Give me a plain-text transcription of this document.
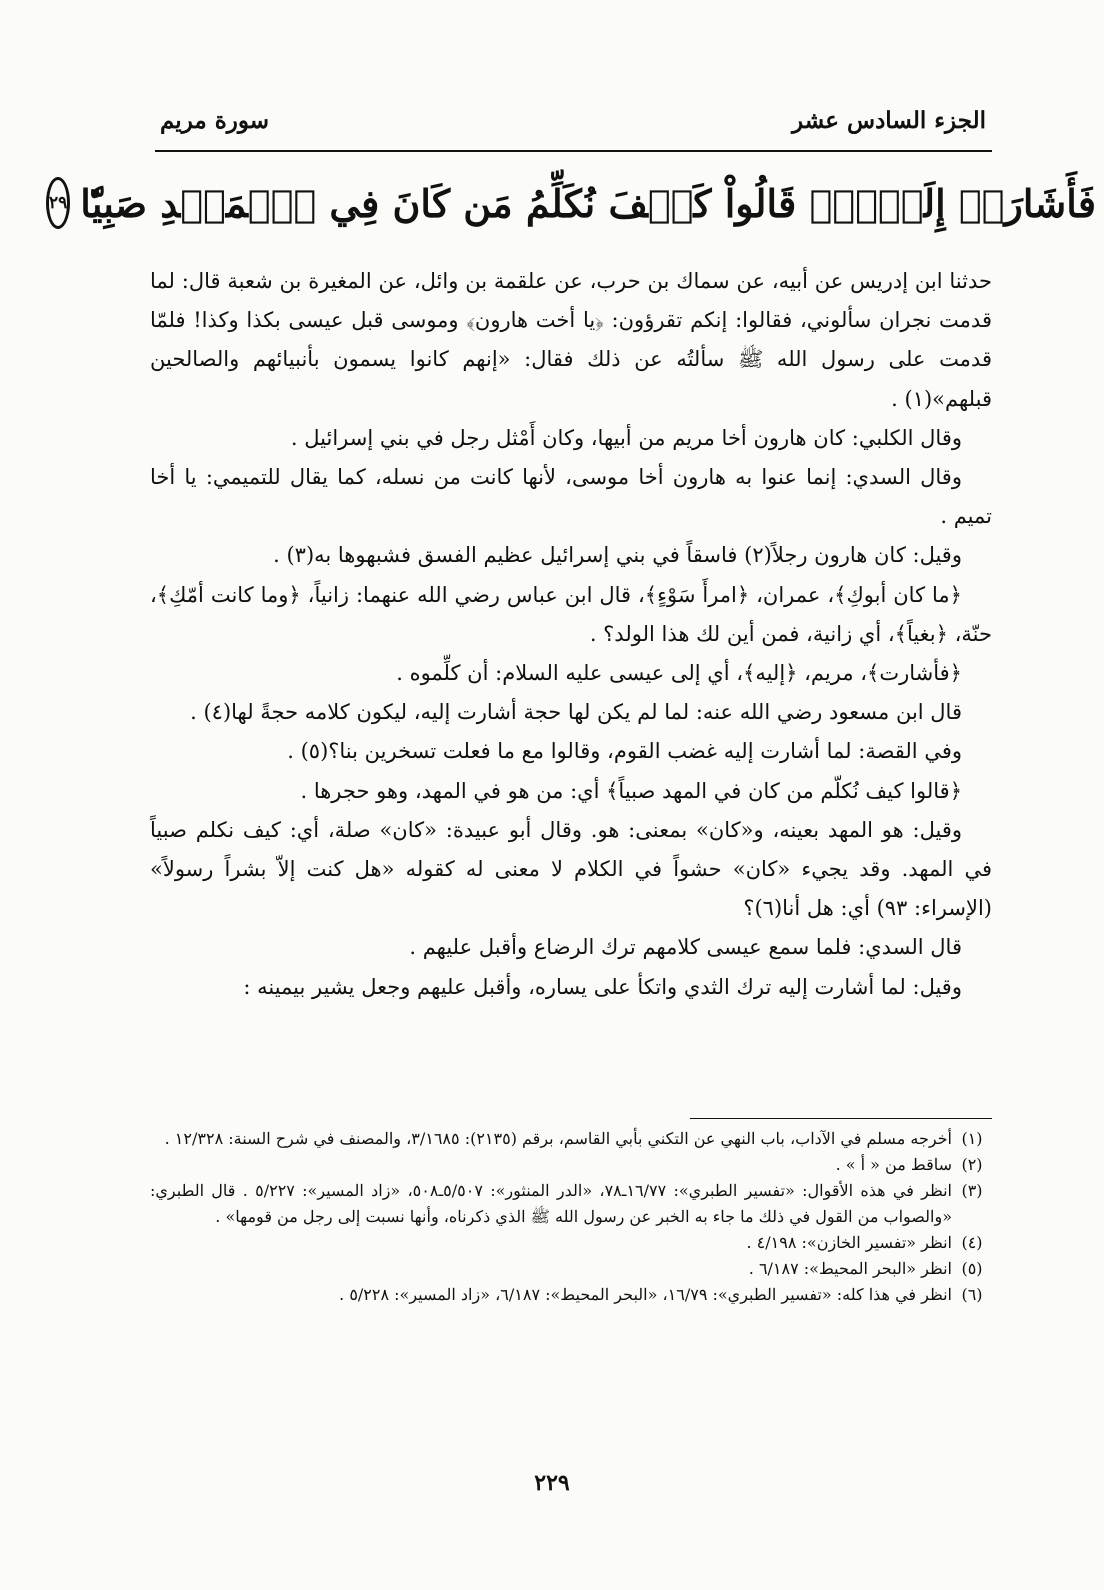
الجزء السادس عشر
سورة مريم
فَأَشَارَتۡ إِلَيۡهِۖ قَالُواْ كَيۡفَ نُكَلِّمُ مَن كَانَ فِي ٱلۡمَهۡدِ صَبِيّٗا
٢٩

حدثنا ابن إدريس عن أبيه، عن سماك بن حرب، عن علقمة بن وائل، عن المغيرة بن شعبة قال: لما قدمت نجران سألوني، فقالوا: إنكم تقرؤون: ﴿يا أخت هارون﴾ وموسى قبل عيسى بكذا وكذا! فلمّا قدمت على رسول الله ﷺ سألتُه عن ذلك فقال: «إنهم كانوا يسمون بأنبيائهم والصالحين قبلهم»(١) .

وقال الكلبي: كان هارون أخا مريم من أبيها، وكان أَمْثل رجل في بني إسرائيل .

وقال السدي: إنما عنوا به هارون أخا موسى، لأنها كانت من نسله، كما يقال للتميمي: يا أخا تميم .

وقيل: كان هارون رجلاً(٢) فاسقاً في بني إسرائيل عظيم الفسق فشبهوها به(٣) .

﴿ما كان أبوكِ﴾، عمران، ﴿امرأَ سَوْءٍ﴾، قال ابن عباس رضي الله عنهما: زانياً، ﴿وما كانت أمّكِ﴾، حنّة، ﴿بغياً﴾، أي زانية، فمن أين لك هذا الولد؟ .

﴿فأشارت﴾، مريم، ﴿إليه﴾، أي إلى عيسى عليه السلام: أن كلِّموه .

قال ابن مسعود رضي الله عنه: لما لم يكن لها حجة أشارت إليه، ليكون كلامه حجةً لها(٤) .

وفي القصة: لما أشارت إليه غضب القوم، وقالوا مع ما فعلت تسخرين بنا؟(٥) .

﴿قالوا كيف نُكلّم من كان في المهد صبياً﴾ أي: من هو في المهد، وهو حجرها .

وقيل: هو المهد بعينه، و«كان» بمعنى: هو. وقال أبو عبيدة: «كان» صلة، أي: كيف نكلم صبياً في المهد. وقد يجيء «كان» حشواً في الكلام لا معنى له كقوله «هل كنت إلاّ بشراً رسولاً» (الإسراء: ٩٣) أي: هل أنا(٦)؟

قال السدي: فلما سمع عيسى كلامهم ترك الرضاع وأقبل عليهم .

وقيل: لما أشارت إليه ترك الثدي واتكأ على يساره، وأقبل عليهم وجعل يشير بيمينه :

(١)
أخرجه مسلم في الآداب، باب النهي عن التكني بأبي القاسم، برقم (٢١٣٥): ٣/١٦٨٥، والمصنف في شرح السنة: ١٢/٣٢٨ .
(٢)
ساقط من « أ » .
(٣)
انظر في هذه الأقوال: «تفسير الطبري»: ١٦/٧٧ـ٧٨، «الدر المنثور»: ٥/٥٠٧ـ٥٠٨، «زاد المسير»: ٥/٢٢٧ . قال الطبري: «والصواب من القول في ذلك ما جاء به الخبر عن رسول الله ﷺ الذي ذكرناه، وأنها نسبت إلى رجل من قومها» .
(٤)
انظر «تفسير الخازن»: ٤/١٩٨ .
(٥)
انظر «البحر المحيط»: ٦/١٨٧ .
(٦)
انظر في هذا كله: «تفسير الطبري»: ١٦/٧٩، «البحر المحيط»: ٦/١٨٧، «زاد المسير»: ٥/٢٢٨ .
٢٢٩
